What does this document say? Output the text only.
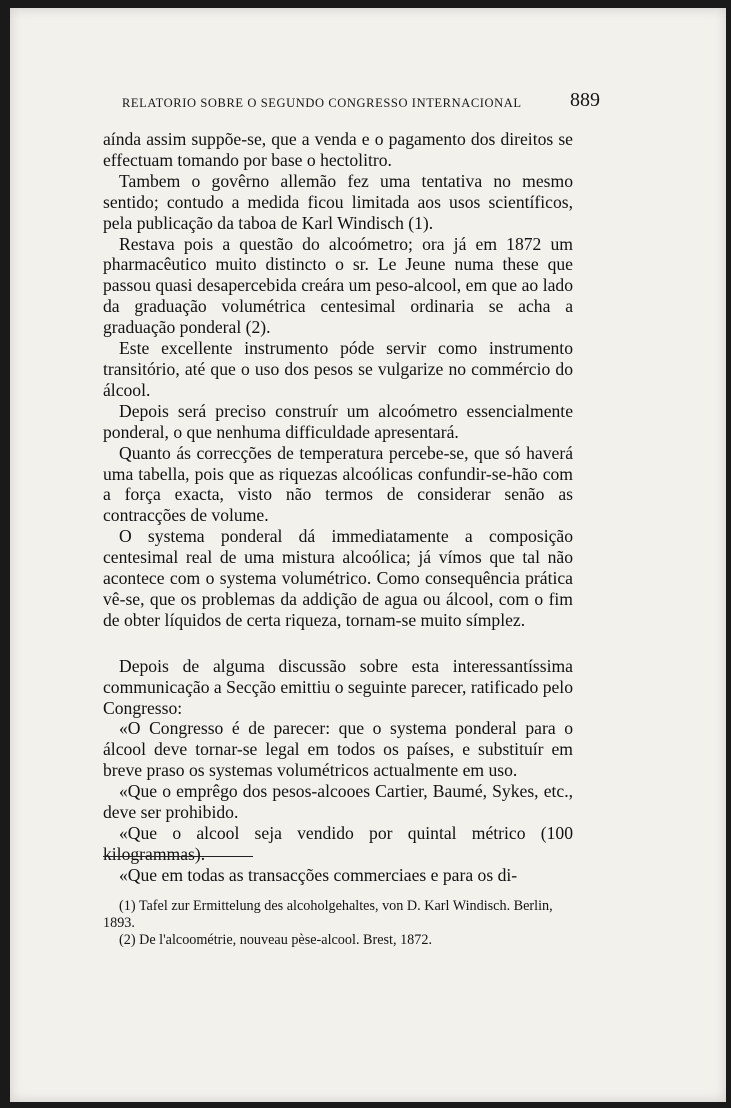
RELATORIO SOBRE O SEGUNDO CONGRESSO INTERNACIONAL 889

aínda assim suppõe-se, que a venda e o pagamento dos direitos se effectuam tomando por base o hectolitro.

Tambem o govêrno allemão fez uma tentativa no mesmo sentido; contudo a medida ficou limitada aos usos scientíficos, pela publicação da taboa de Karl Windisch (1).

Restava pois a questão do alcoómetro; ora já em 1872 um pharmacêutico muito distincto o sr. Le Jeune numa these que passou quasi desapercebida creára um peso-alcool, em que ao lado da graduação volumétrica centesimal ordinaria se acha a graduação ponderal (2).

Este excellente instrumento póde servir como instrumento transitório, até que o uso dos pesos se vulgarize no commércio do álcool.

Depois será preciso construír um alcoómetro essencialmente ponderal, o que nenhuma difficuldade apresentará.

Quanto ás correcções de temperatura percebe-se, que só haverá uma tabella, pois que as riquezas alcoólicas confundir-se-hão com a força exacta, visto não termos de considerar senão as contracções de volume.

O systema ponderal dá immediatamente a composição centesimal real de uma mistura alcoólica; já vímos que tal não acontece com o systema volumétrico. Como consequência prática vê-se, que os problemas da addição de agua ou álcool, com o fim de obter líquidos de certa riqueza, tornam-se muito símplez.

Depois de alguma discussão sobre esta interessantíssima communicação a Secção emittiu o seguinte parecer, ratificado pelo Congresso:

«O Congresso é de parecer: que o systema ponderal para o álcool deve tornar-se legal em todos os países, e substituír em breve praso os systemas volumétricos actualmente em uso.

«Que o emprêgo dos pesos-alcooes Cartier, Baumé, Sykes, etc., deve ser prohibido.

«Que o alcool seja vendido por quintal métrico (100 kilogrammas).

«Que em todas as transacções commerciaes e para os di-

(1) Tafel zur Ermittelung des alcoholgehaltes, von D. Karl Windisch. Berlin, 1893.

(2) De l'alcoométrie, nouveau pèse-alcool. Brest, 1872.
